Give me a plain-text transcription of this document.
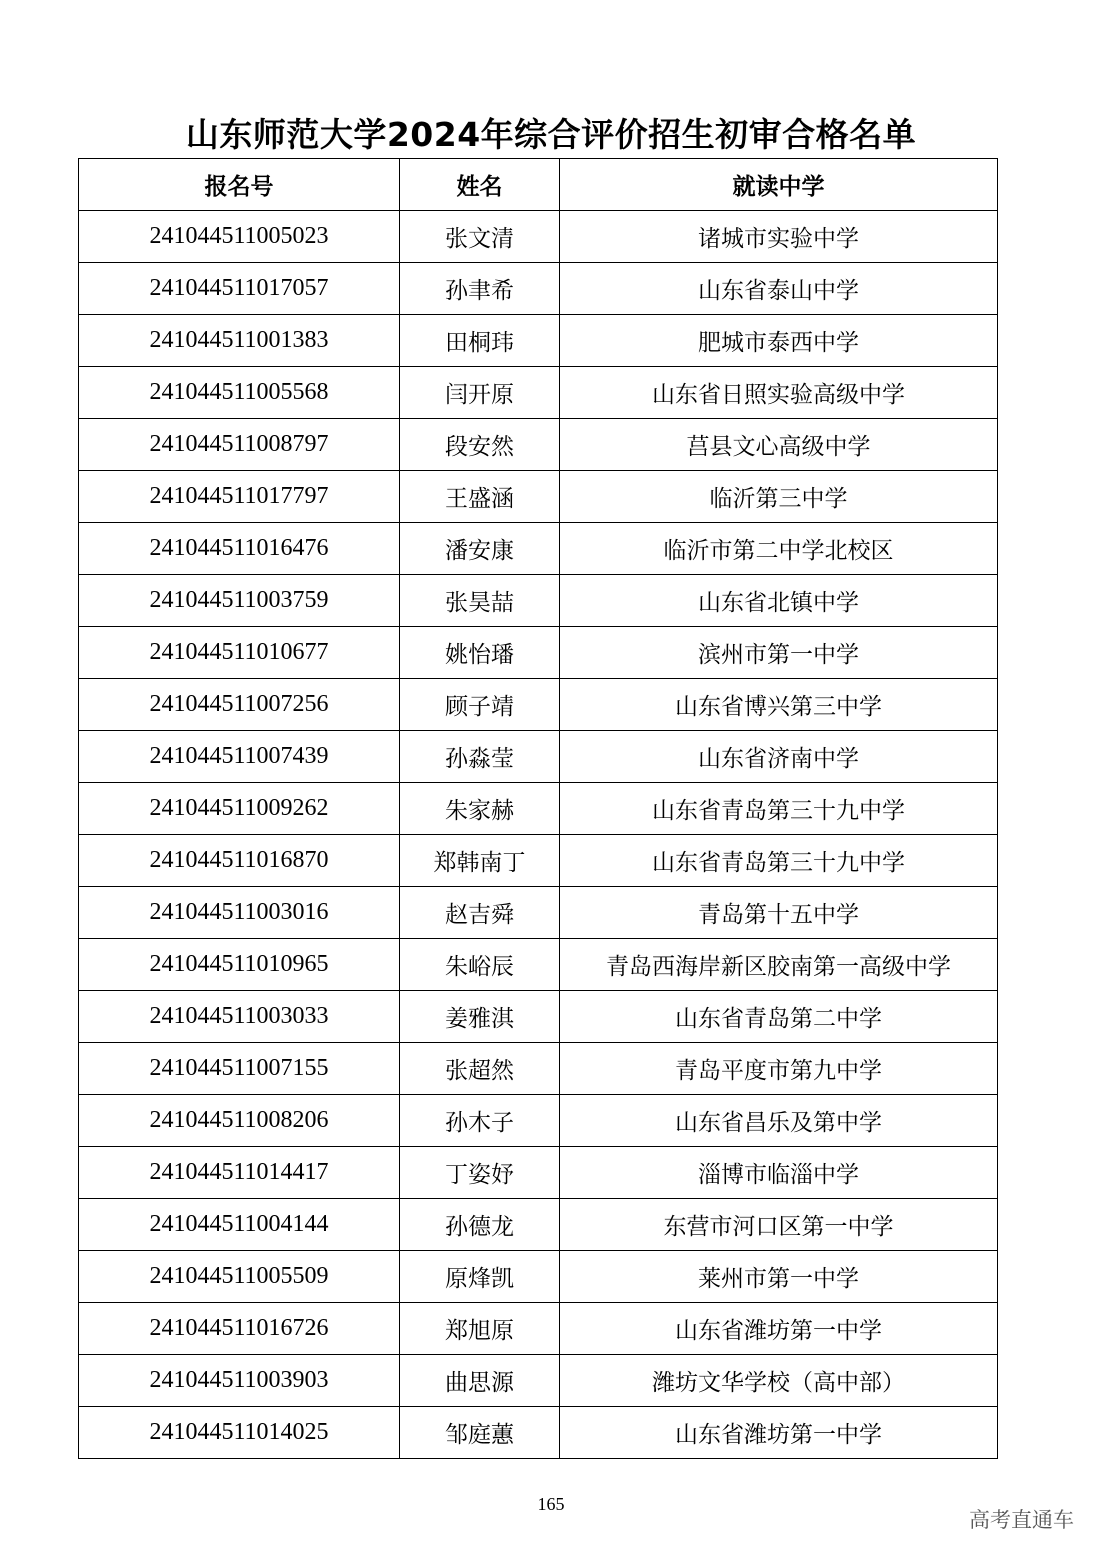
山东师范大学2024年综合评价招生初审合格名单
报名号	姓名	就读中学
241044511005023	张文清	诸城市实验中学
241044511017057	孙聿希	山东省泰山中学
241044511001383	田桐玮	肥城市泰西中学
241044511005568	闫开原	山东省日照实验高级中学
241044511008797	段安然	莒县文心高级中学
241044511017797	王盛涵	临沂第三中学
241044511016476	潘安康	临沂市第二中学北校区
241044511003759	张昊喆	山东省北镇中学
241044511010677	姚怡璠	滨州市第一中学
241044511007256	顾子靖	山东省博兴第三中学
241044511007439	孙淼莹	山东省济南中学
241044511009262	朱家赫	山东省青岛第三十九中学
241044511016870	郑韩南丁	山东省青岛第三十九中学
241044511003016	赵吉舜	青岛第十五中学
241044511010965	朱峪辰	青岛西海岸新区胶南第一高级中学
241044511003033	姜雅淇	山东省青岛第二中学
241044511007155	张超然	青岛平度市第九中学
241044511008206	孙木子	山东省昌乐及第中学
241044511014417	丁姿妤	淄博市临淄中学
241044511004144	孙德龙	东营市河口区第一中学
241044511005509	原烽凯	莱州市第一中学
241044511016726	郑旭原	山东省潍坊第一中学
241044511003903	曲思源	潍坊文华学校（高中部）
241044511014025	邹庭蕙	山东省潍坊第一中学
165
高考直通车
